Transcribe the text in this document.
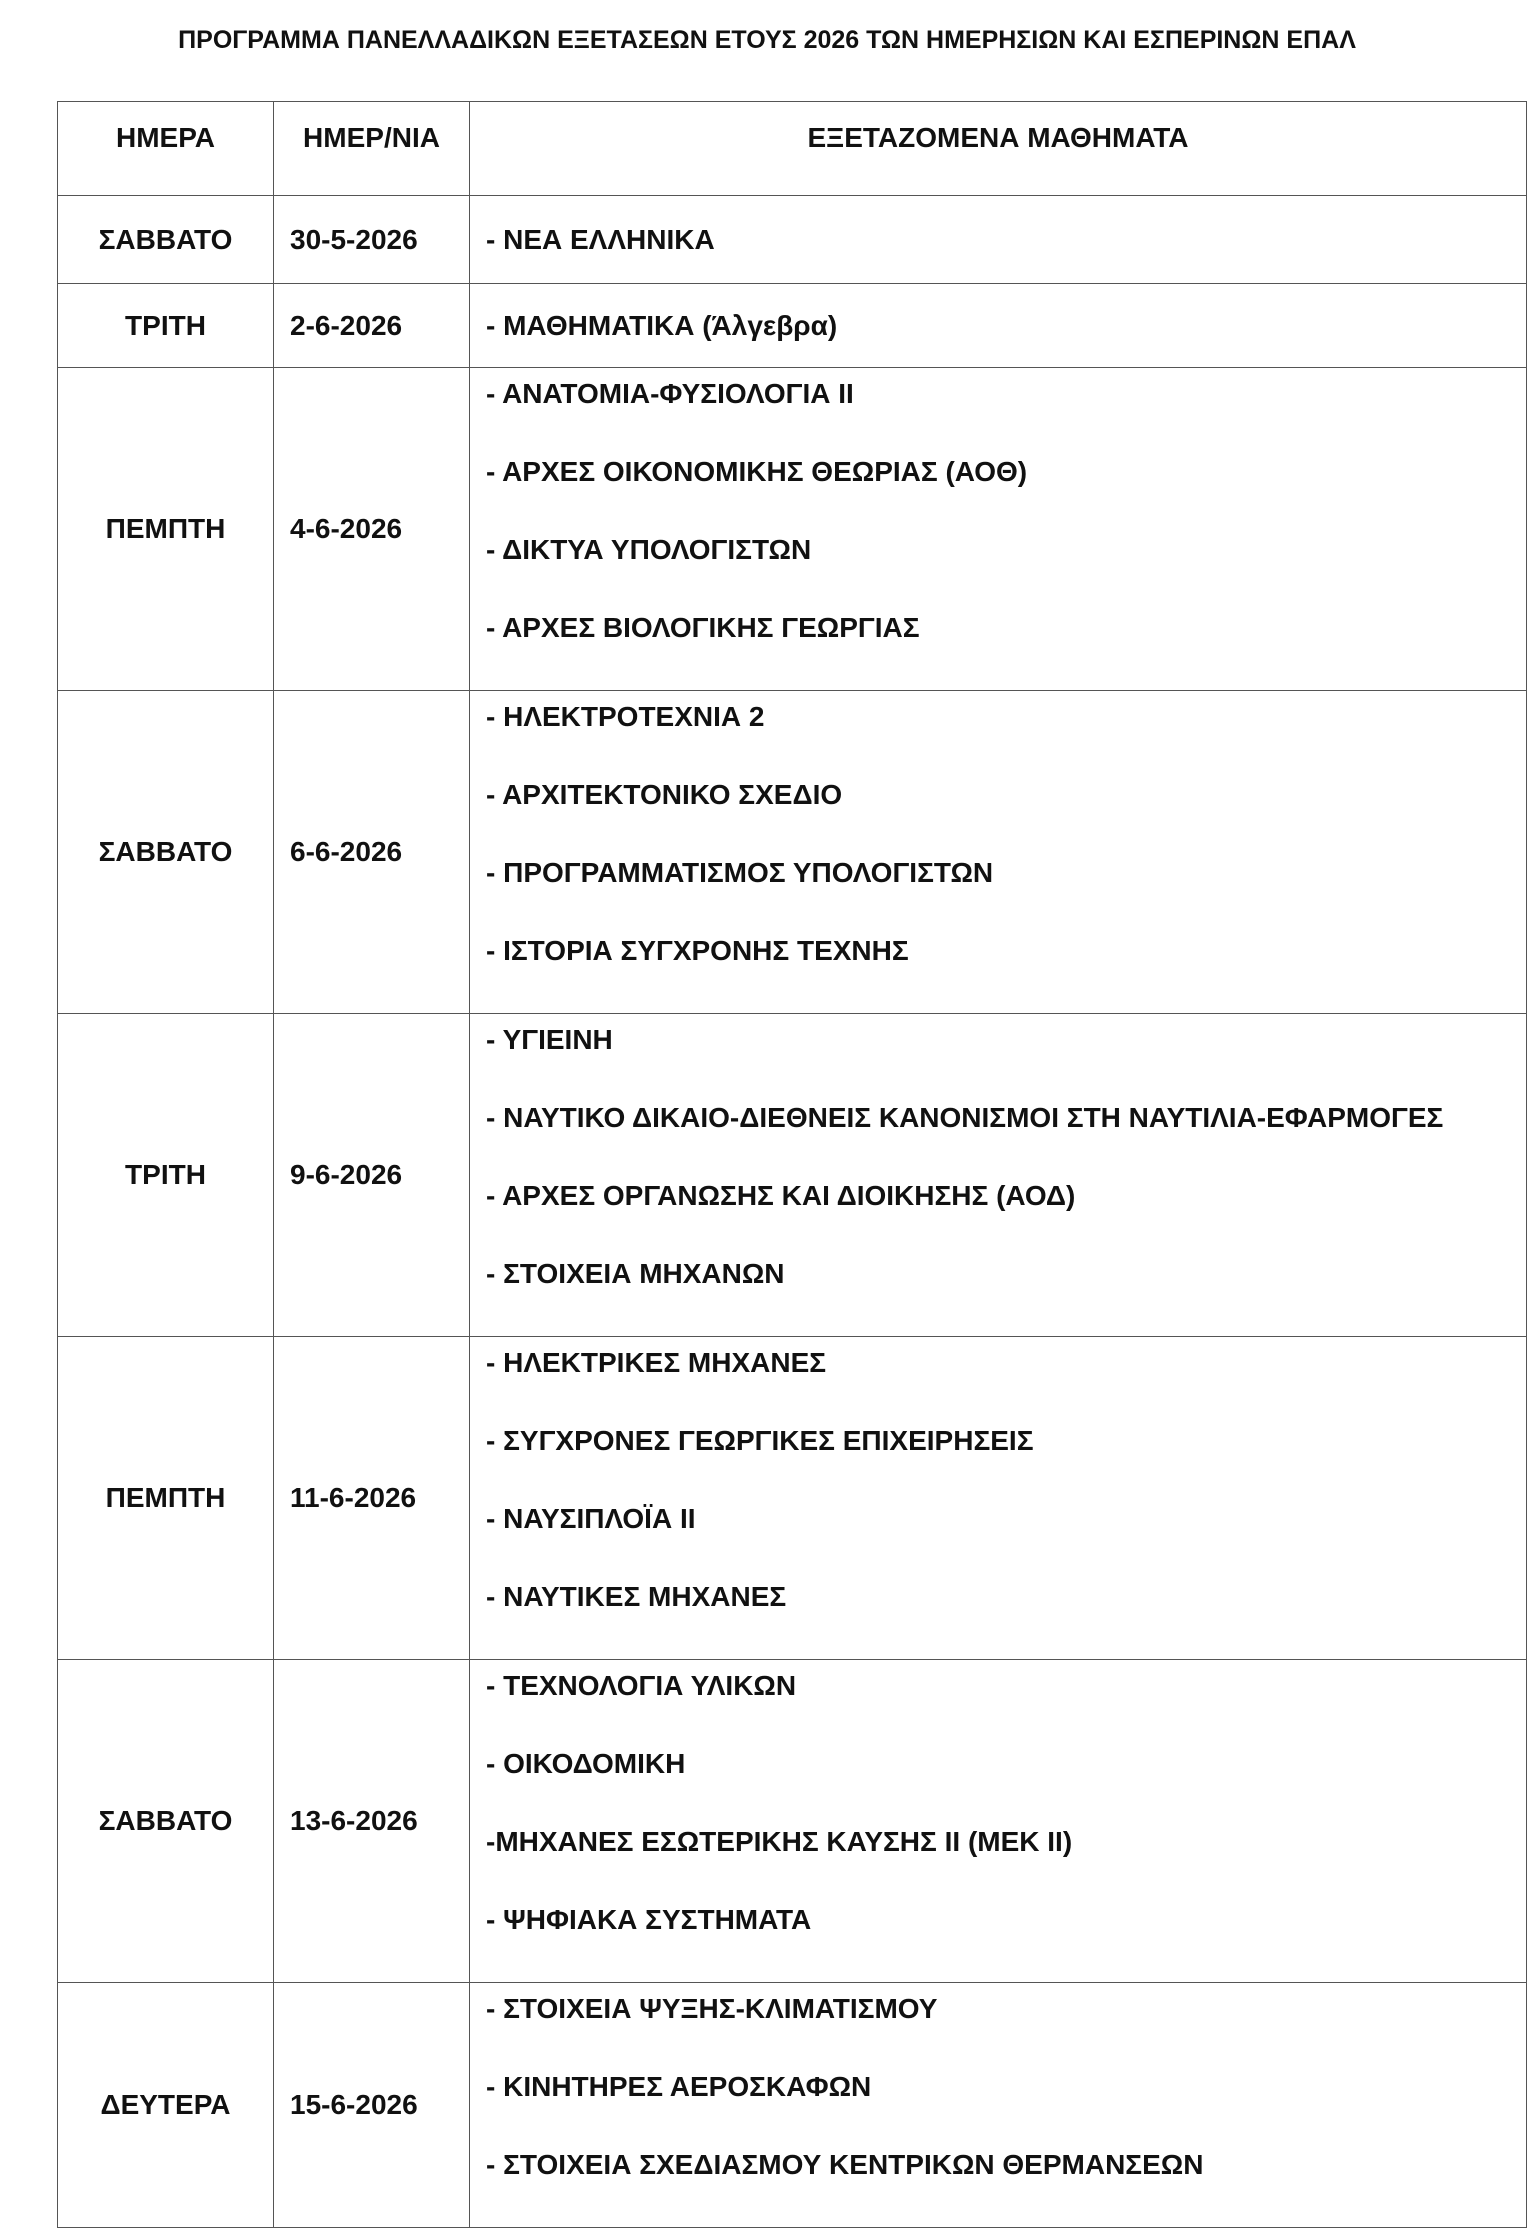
ΠΡΟΓΡΑΜΜΑ ΠΑΝΕΛΛΑΔΙΚΩΝ ΕΞΕΤΑΣΕΩΝ ΕΤΟΥΣ 2026 ΤΩΝ ΗΜΕΡΗΣΙΩΝ ΚΑΙ ΕΣΠΕΡΙΝΩΝ ΕΠΑΛ
ΗΜΕΡΑ	ΗΜΕΡ/ΝΙΑ	ΕΞΕΤΑΖΟΜΕΝΑ ΜΑΘΗΜΑΤΑ
ΣΑΒΒΑΤΟ	30-5-2026	- ΝΕΑ ΕΛΛΗΝΙΚΑ

ΤΡΙΤΗ	2-6-2026	- ΜΑΘΗΜΑΤΙΚΑ (Άλγεβρα)

ΠΕΜΠΤΗ	4-6-2026	- ΑΝΑΤΟΜΙΑ-ΦΥΣΙΟΛΟΓΙΑ ΙΙ
- ΑΡΧΕΣ ΟΙΚΟΝΟΜΙΚΗΣ ΘΕΩΡΙΑΣ (ΑΟΘ)
- ΔΙΚΤΥΑ ΥΠΟΛΟΓΙΣΤΩΝ
- ΑΡΧΕΣ ΒΙΟΛΟΓΙΚΗΣ ΓΕΩΡΓΙΑΣ

ΣΑΒΒΑΤΟ	6-6-2026	- ΗΛΕΚΤΡΟΤΕΧΝΙΑ 2
- ΑΡΧΙΤΕΚΤΟΝΙΚΟ ΣΧΕΔΙΟ
- ΠΡΟΓΡΑΜΜΑΤΙΣΜΟΣ ΥΠΟΛΟΓΙΣΤΩΝ
- ΙΣΤΟΡΙΑ ΣΥΓΧΡΟΝΗΣ ΤΕΧΝΗΣ

ΤΡΙΤΗ	9-6-2026	- ΥΓΙΕΙΝΗ
- ΝΑΥΤΙΚΟ ΔΙΚΑΙΟ-ΔΙΕΘΝΕΙΣ ΚΑΝΟΝΙΣΜΟΙ ΣΤΗ ΝΑΥΤΙΛΙΑ-ΕΦΑΡΜΟΓΕΣ
- ΑΡΧΕΣ ΟΡΓΑΝΩΣΗΣ ΚΑΙ ΔΙΟΙΚΗΣΗΣ (ΑΟΔ)
- ΣΤΟΙΧΕΙΑ ΜΗΧΑΝΩΝ

ΠΕΜΠΤΗ	11-6-2026	- ΗΛΕΚΤΡΙΚΕΣ ΜΗΧΑΝΕΣ
- ΣΥΓΧΡΟΝΕΣ ΓΕΩΡΓΙΚΕΣ ΕΠΙΧΕΙΡΗΣΕΙΣ
- ΝΑΥΣΙΠΛΟΪΑ ΙΙ
- ΝΑΥΤΙΚΕΣ ΜΗΧΑΝΕΣ

ΣΑΒΒΑΤΟ	13-6-2026	- ΤΕΧΝΟΛΟΓΙΑ ΥΛΙΚΩΝ
- ΟΙΚΟΔΟΜΙΚΗ
-ΜΗΧΑΝΕΣ ΕΣΩΤΕΡΙΚΗΣ ΚΑΥΣΗΣ ΙΙ (ΜΕΚ ΙΙ)
- ΨΗΦΙΑΚΑ ΣΥΣΤΗΜΑΤΑ

ΔΕΥΤΕΡΑ	15-6-2026	- ΣΤΟΙΧΕΙΑ ΨΥΞΗΣ-ΚΛΙΜΑΤΙΣΜΟΥ
- ΚΙΝΗΤΗΡΕΣ ΑΕΡΟΣΚΑΦΩΝ
- ΣΤΟΙΧΕΙΑ ΣΧΕΔΙΑΣΜΟΥ ΚΕΝΤΡΙΚΩΝ ΘΕΡΜΑΝΣΕΩΝ
